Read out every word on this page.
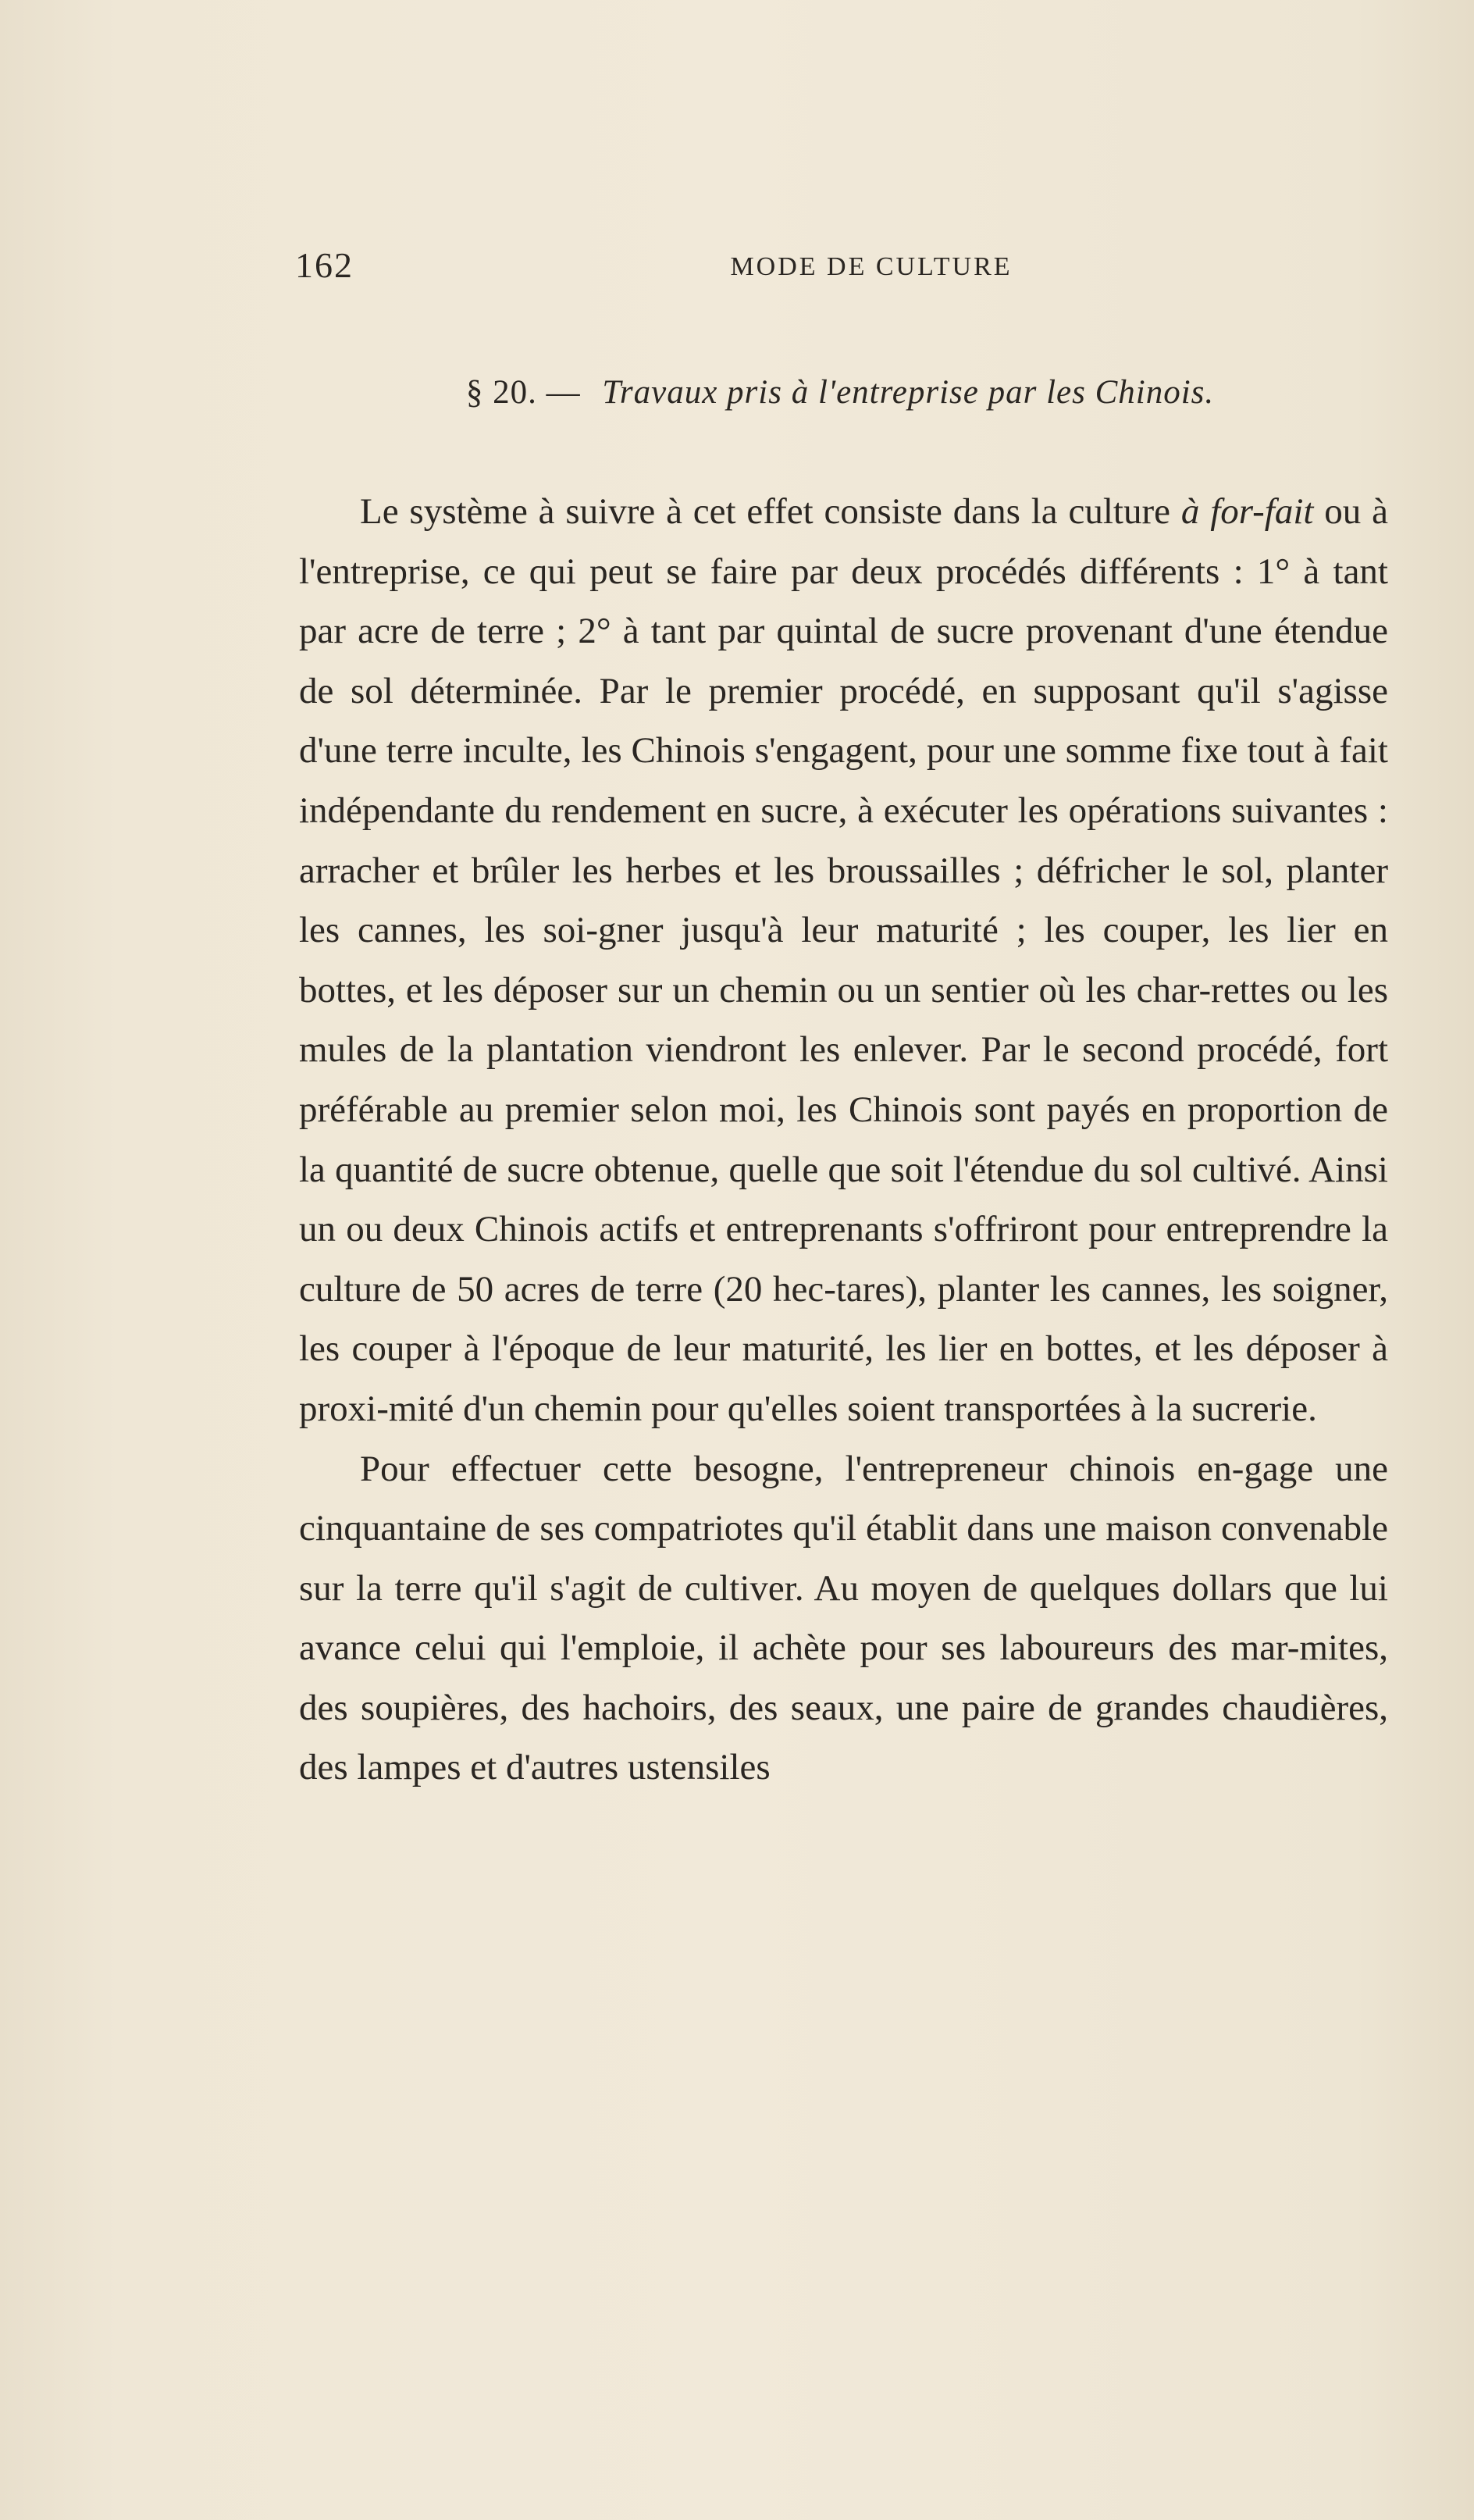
162	MODE DE CULTURE
§ 20. — Travaux pris à l'entreprise par les Chinois.

Le système à suivre à cet effet consiste dans la culture à for-fait ou à l'entreprise, ce qui peut se faire par deux procédés différents : 1° à tant par acre de terre ; 2° à tant par quintal de sucre provenant d'une étendue de sol déterminée. Par le premier procédé, en supposant qu'il s'agisse d'une terre inculte, les Chinois s'engagent, pour une somme fixe tout à fait indépendante du rendement en sucre, à exécuter les opérations suivantes : arracher et brûler les herbes et les broussailles ; défricher le sol, planter les cannes, les soi-gner jusqu'à leur maturité ; les couper, les lier en bottes, et les déposer sur un chemin ou un sentier où les char-rettes ou les mules de la plantation viendront les enlever. Par le second procédé, fort préférable au premier selon moi, les Chinois sont payés en proportion de la quantité de sucre obtenue, quelle que soit l'étendue du sol cultivé. Ainsi un ou deux Chinois actifs et entreprenants s'offriront pour entreprendre la culture de 50 acres de terre (20 hec-tares), planter les cannes, les soigner, les couper à l'époque de leur maturité, les lier en bottes, et les déposer à proxi-mité d'un chemin pour qu'elles soient transportées à la sucrerie.

Pour effectuer cette besogne, l'entrepreneur chinois en-gage une cinquantaine de ses compatriotes qu'il établit dans une maison convenable sur la terre qu'il s'agit de cultiver. Au moyen de quelques dollars que lui avance celui qui l'emploie, il achète pour ses laboureurs des mar-mites, des soupières, des hachoirs, des seaux, une paire de grandes chaudières, des lampes et d'autres ustensiles
